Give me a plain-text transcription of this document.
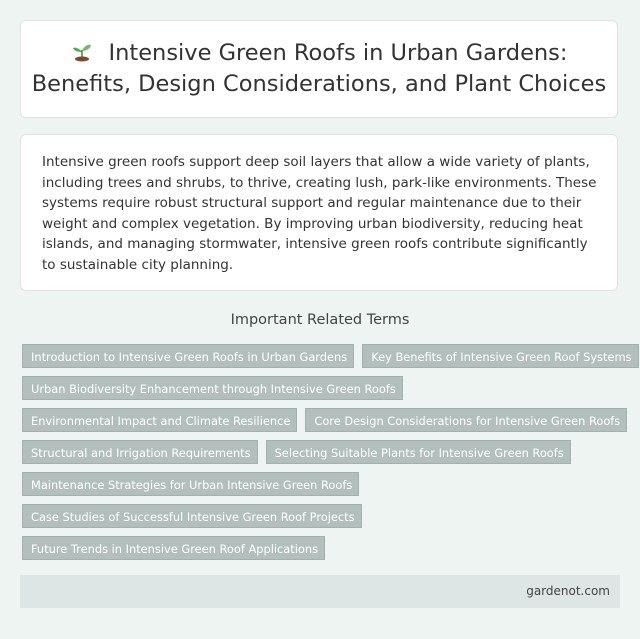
Intensive Green Roofs in Urban Gardens:
Benefits, Design Considerations, and Plant Choices

Intensive green roofs support deep soil layers that allow a wide variety of plants, including trees and shrubs, to thrive, creating lush, park-like environments. These systems require robust structural support and regular maintenance due to their weight and complex vegetation. By improving urban biodiversity, reducing heat islands, and managing stormwater, intensive green roofs contribute significantly to sustainable city planning.

Important Related Terms
Introduction to Intensive Green Roofs in Urban Gardens	Key Benefits of Intensive Green Roof Systems
Urban Biodiversity Enhancement through Intensive Green Roofs
Environmental Impact and Climate Resilience	Core Design Considerations for Intensive Green Roofs
Structural and Irrigation Requirements	Selecting Suitable Plants for Intensive Green Roofs
Maintenance Strategies for Urban Intensive Green Roofs
Case Studies of Successful Intensive Green Roof Projects
Future Trends in Intensive Green Roof Applications
gardenot.com
